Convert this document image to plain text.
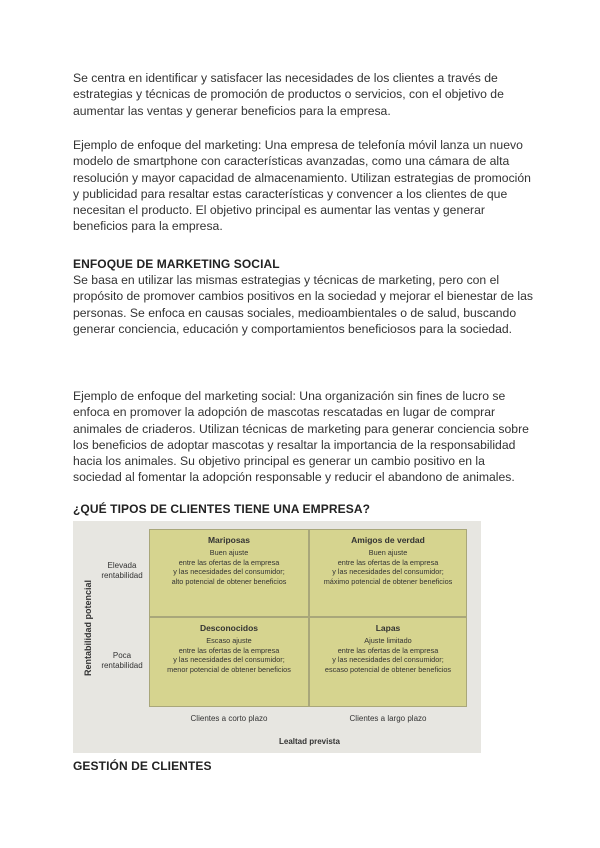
Se centra en identificar y satisfacer las necesidades de los clientes a través de estrategias y técnicas de promoción de productos o servicios, con el objetivo de aumentar las ventas y generar beneficios para la empresa.

Ejemplo de enfoque del marketing: Una empresa de telefonía móvil lanza un nuevo modelo de smartphone con características avanzadas, como una cámara de alta resolución y mayor capacidad de almacenamiento. Utilizan estrategias de promoción y publicidad para resaltar estas características y convencer a los clientes de que necesitan el producto. El objetivo principal es aumentar las ventas y generar beneficios para la empresa.

ENFOQUE DE MARKETING SOCIAL

Se basa en utilizar las mismas estrategias y técnicas de marketing, pero con el propósito de promover cambios positivos en la sociedad y mejorar el bienestar de las personas. Se enfoca en causas sociales, medioambientales o de salud, buscando generar conciencia, educación y comportamientos beneficiosos para la sociedad.

Ejemplo de enfoque del marketing social: Una organización sin fines de lucro se enfoca en promover la adopción de mascotas rescatadas en lugar de comprar animales de criaderos. Utilizan técnicas de marketing para generar conciencia sobre los beneficios de adoptar mascotas y resaltar la importancia de la responsabilidad hacia los animales. Su objetivo principal es generar un cambio positivo en la sociedad al fomentar la adopción responsable y reducir el abandono de animales.

¿QUÉ TIPOS DE CLIENTES TIENE UNA EMPRESA?
Rentabilidad potencial
Elevada
rentabilidad
Poca
rentabilidad
Mariposas
Buen ajuste
entre las ofertas de la empresa
y las necesidades del consumidor;
alto potencial de obtener beneficios
Amigos de verdad
Buen ajuste
entre las ofertas de la empresa
y las necesidades del consumidor;
máximo potencial de obtener beneficios
Desconocidos
Escaso ajuste
entre las ofertas de la empresa
y las necesidades del consumidor;
menor potencial de obtener beneficios
Lapas
Ajuste limitado
entre las ofertas de la empresa
y las necesidades del consumidor;
escaso potencial de obtener beneficios
Clientes a corto plazo	Clientes a largo plazo
Lealtad prevista
GESTIÓN DE CLIENTES
